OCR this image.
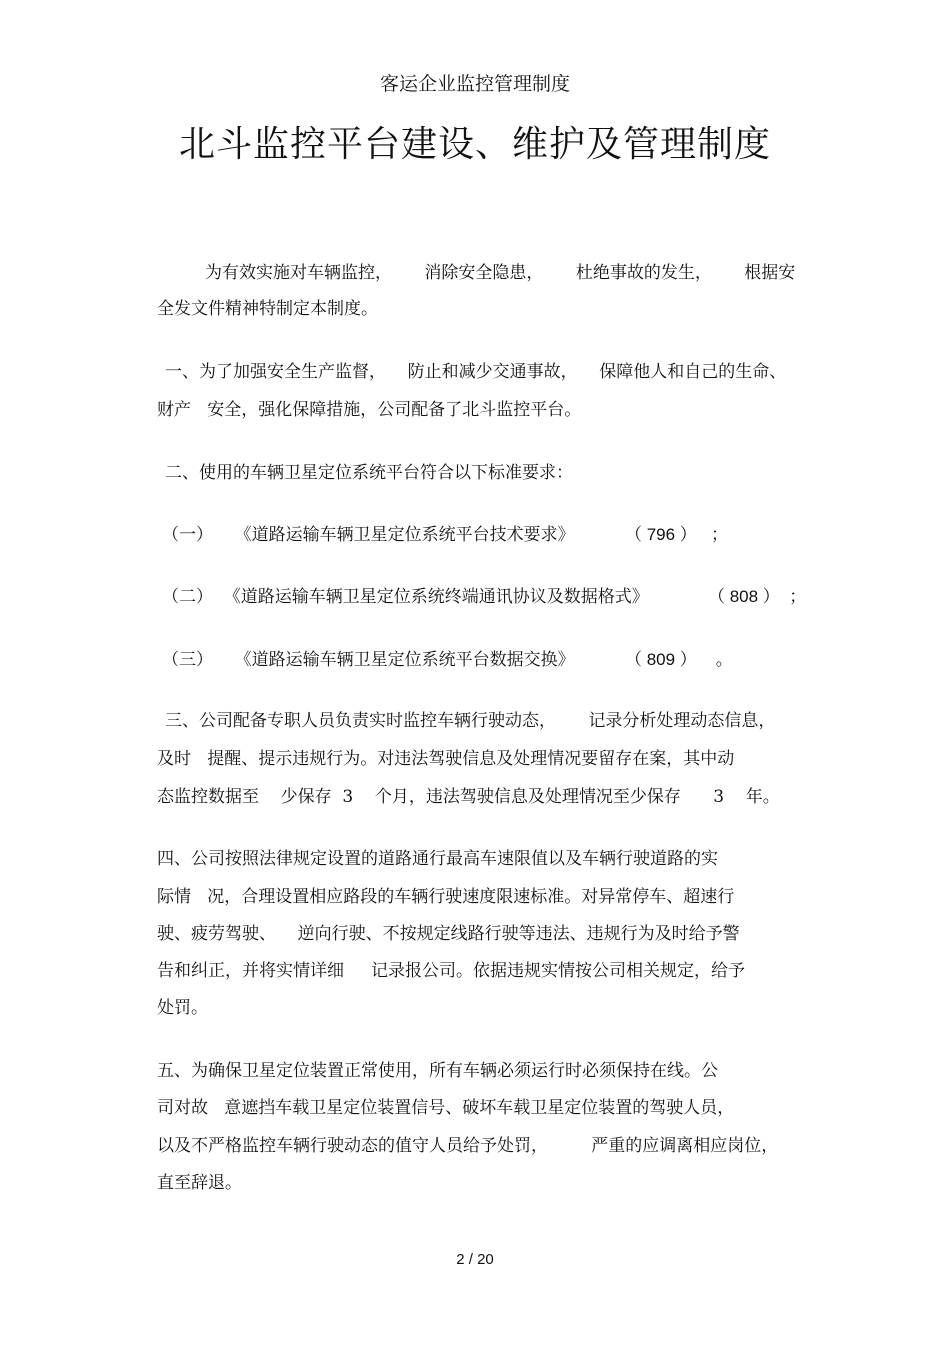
客运企业监控管理制度
北斗监控平台建设、维护及管理制度
为有效实施对车辆监控，      消除安全隐患，      杜绝事故的发生，      根据安
全发文件精神特制定本制度。
一、为了加强安全生产监督，    防止和减少交通事故，    保障他人和自己的生命、
财产   安全，强化保障措施，公司配备了北斗监控平台。
二、使用的车辆卫星定位系统平台符合以下标准要求：
（一）    《道路运输车辆卫星定位系统平台技术要求》	（ 796 ）   ；
（二）  《道路运输车辆卫星定位系统终端通讯协议及数据格式》	（ 808 ）  ；
（三）    《道路运输车辆卫星定位系统平台数据交换》	（ 809 ）    。
三、公司配备专职人员负责实时监控车辆行驶动态，      记录分析处理动态信息，
及时   提醒、提示违规行为。对违法驾驶信息及处理情况要留存在案，其中动
态监控数据至    少保存  3    个月，违法驾驶信息及处理情况至少保存      3    年。
四、公司按照法律规定设置的道路通行最高车速限值以及车辆行驶道路的实
际情   况，合理设置相应路段的车辆行驶速度限速标准。对异常停车、超速行
驶、疲劳驾驶、    逆向行驶、不按规定线路行驶等违法、违规行为及时给予警
告和纠正，并将实情详细     记录报公司。依据违规实情按公司相关规定，给予
处罚。
五、为确保卫星定位装置正常使用，所有车辆必须运行时必须保持在线。公
司对故   意遮挡车载卫星定位装置信号、破坏车载卫星定位装置的驾驶人员，
以及不严格监控车辆行驶动态的值守人员给予处罚，        严重的应调离相应岗位，
直至辞退。
2 / 20
